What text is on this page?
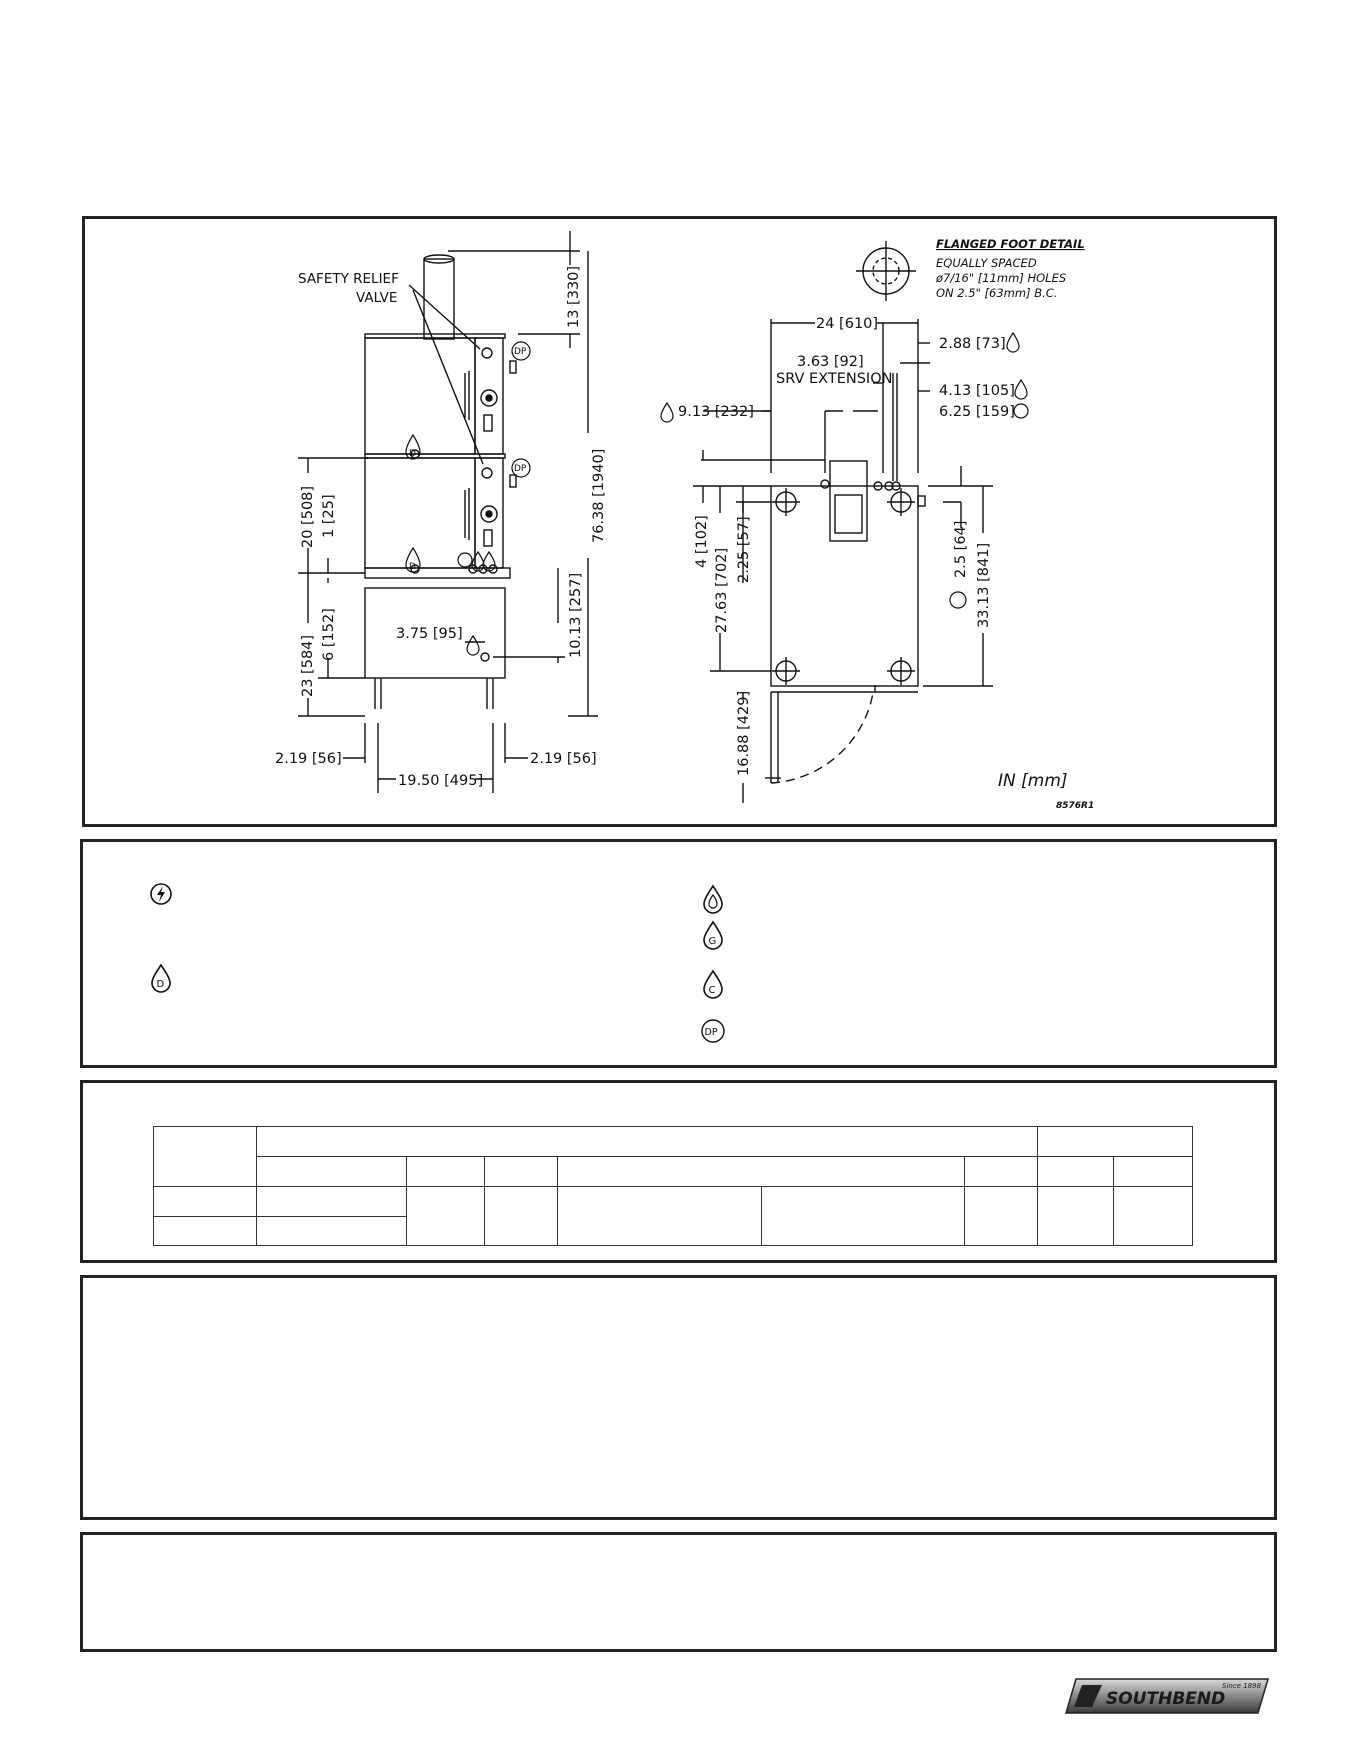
SAFETY RELIEF
VALVE	13 [330]
76.38 [1940]
20 [508] 1 [25]
23 [584]
6 [152]	3.75 [95]	10.13 [257]
2.19 [56]
19.50 [495]
2.19 [56]
D
D
DP
DP
FLANGED FOOT DETAIL
EQUALLY SPACED
ø7/16" [11mm] HOLES
ON 2.5" [63mm] B.C.
24 [610]
2.88 [73]
3.63 [92]
SRV EXTENSION
4.13 [105]
6.25 [159]
9.13 [232]
4 [102]
27.63 [702] 2.25 [57]	2.5 [64] 33.13 [841]
16.88 [429]
IN [mm]
8576R1
D
G
C
DP

SOUTHBEND
Since 1898
